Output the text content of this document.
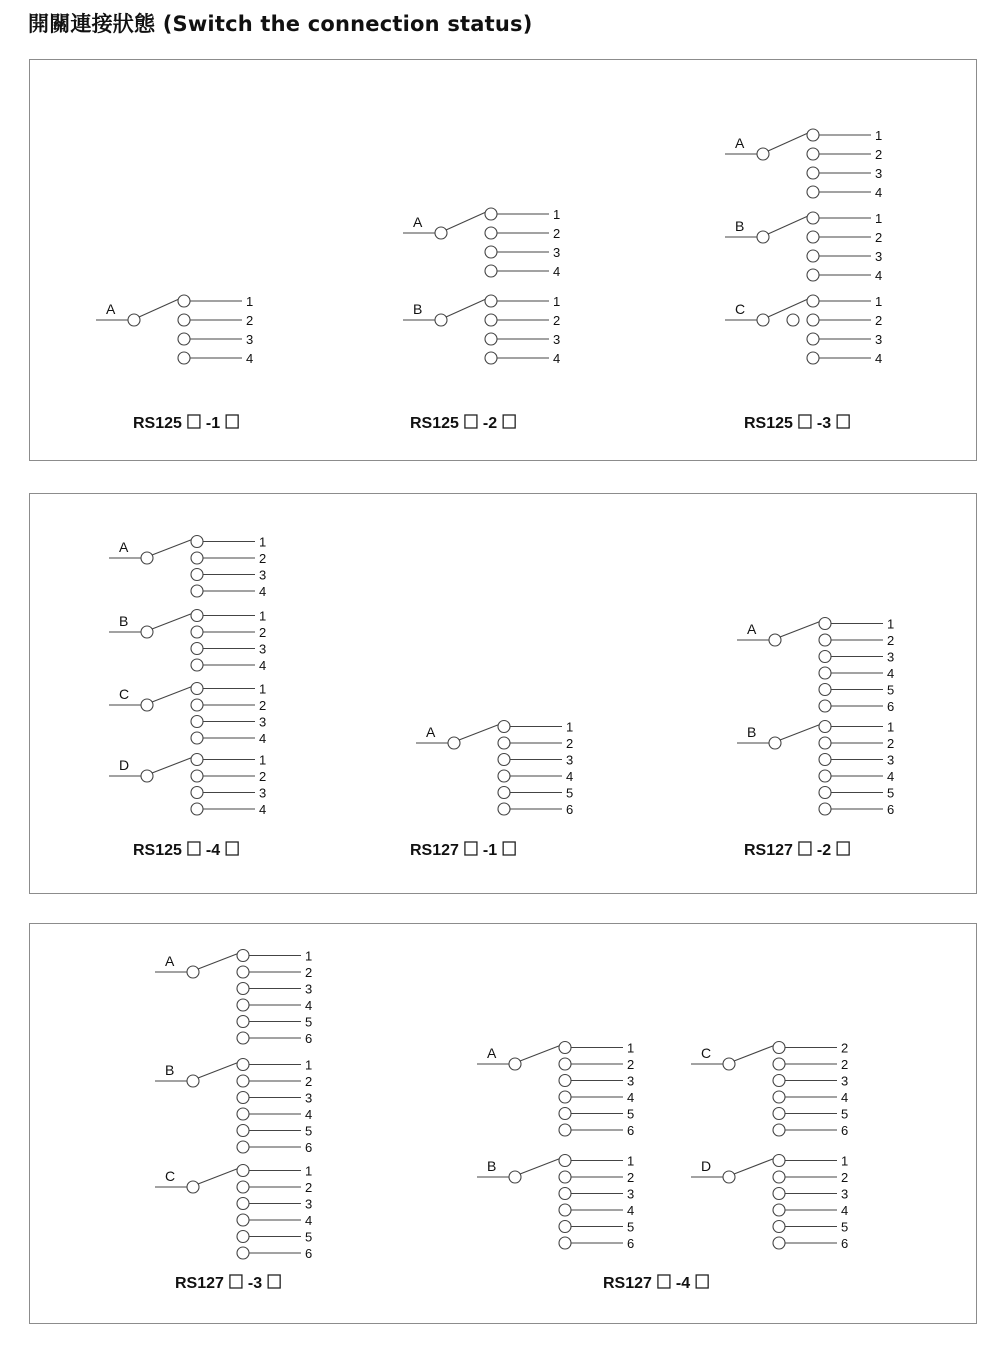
開關連接狀態 (Switch the connection status)
A	1
2
3
4
RS125 -1
A	1
2
3
4
B	1
2
3
4
RS125 -2
A	1
2
3
4
B	1
2
3
4
C	1
2
3
4
RS125 -3
A	1
2
3
4
B	1
2
3
4
C	1
2
3
4
D	1
2
3
4
RS125 -4
A	1
2
3
4
5
6
RS127 -1
A	1
2
3
4
5
6
B	1
2
3
4
5
6
RS127 -2
A	1
2
3
4
5
6
B	1
2
3
4
5
6
C	1
2
3
4
5
6
RS127 -3
A	1
2
3
4
5
6
B	1
2
3
4
5
6
C	2
2
3
4
5
6
D	1
2
3
4
5
6
RS127 -4
